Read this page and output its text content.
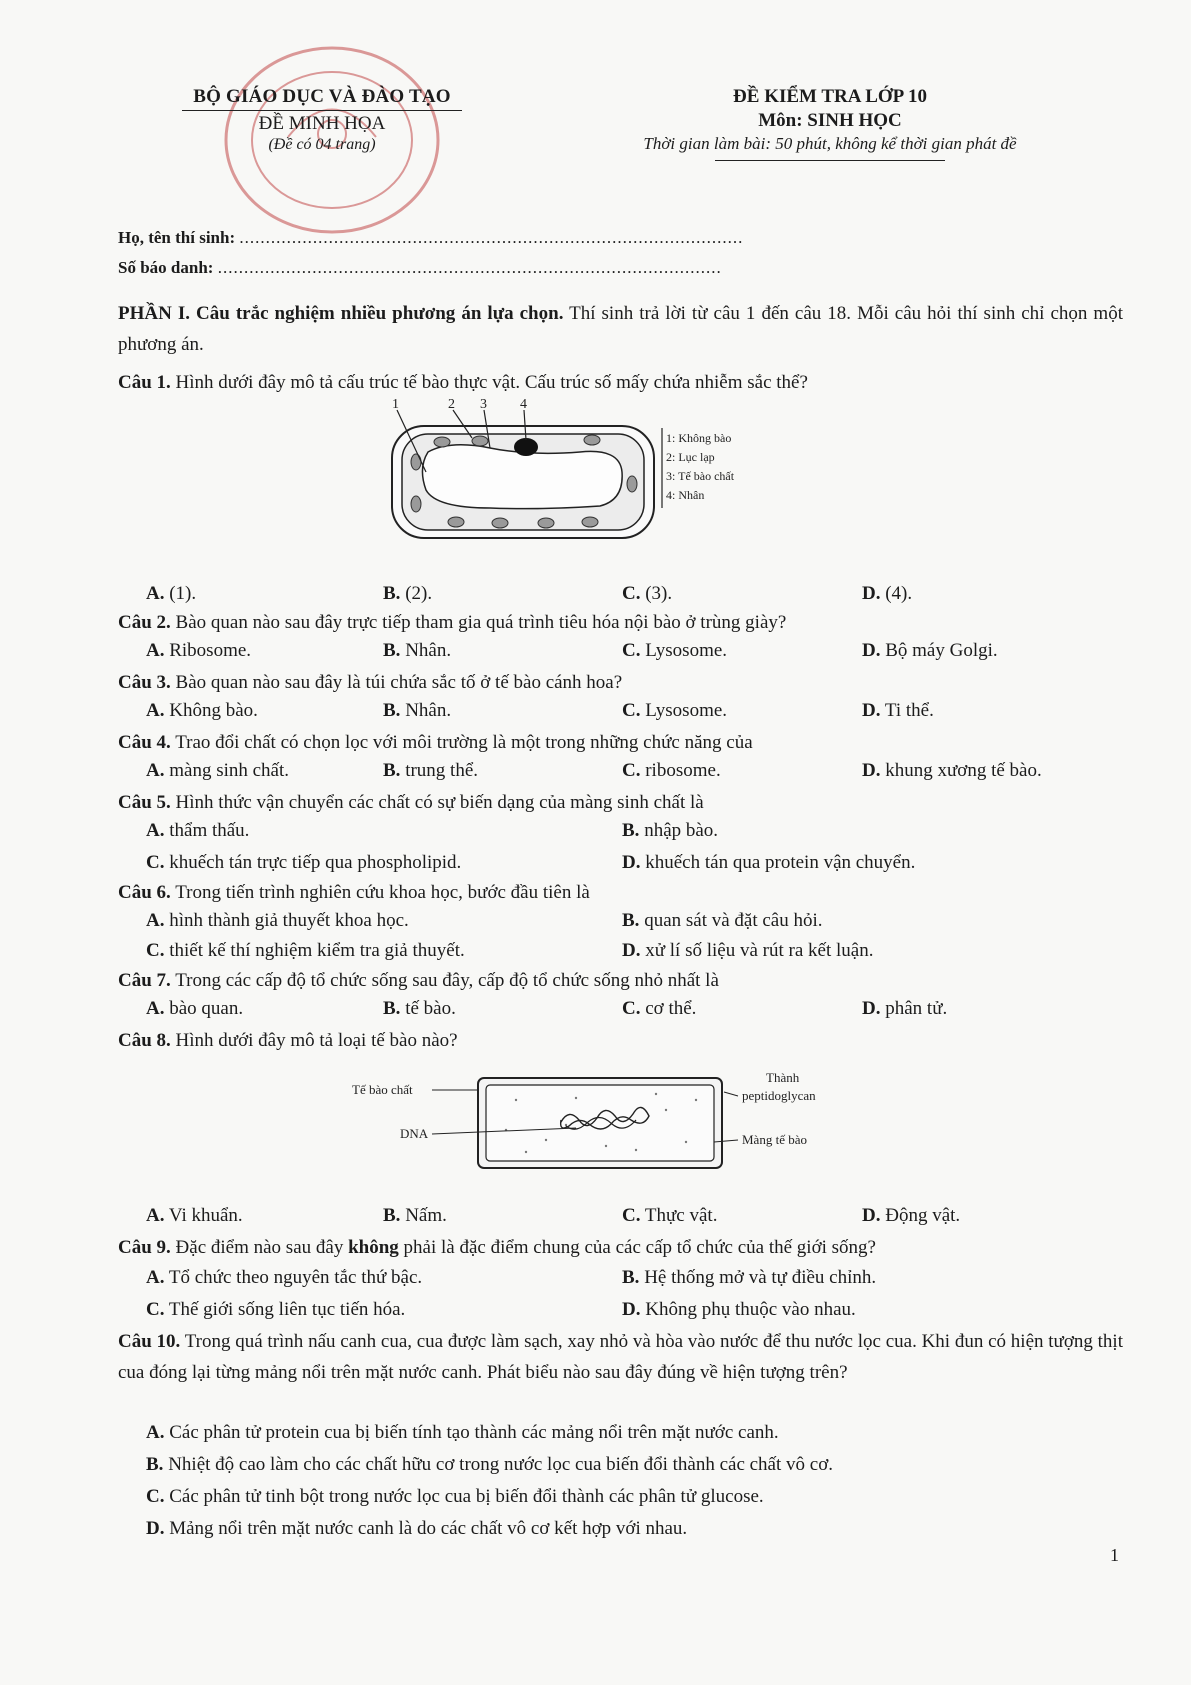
BỘ GIÁO DỤC VÀ ĐÀO TẠO
ĐỀ MINH HỌA
(Đề có 04 trang)
ĐỀ KIỂM TRA LỚP 10
Môn: SINH HỌC
Thời gian làm bài: 50 phút, không kể thời gian phát đề
Họ, tên thí sinh: ................................................................................................
Số báo danh: ................................................................................................
PHẦN I. Câu trắc nghiệm nhiều phương án lựa chọn. Thí sinh trả lời từ câu 1 đến câu 18. Mỗi câu hỏi thí sinh chỉ chọn một phương án.
Câu 1. Hình dưới đây mô tả cấu trúc tế bào thực vật. Cấu trúc số mấy chứa nhiễm sắc thể?
1	2 3 4
1: Không bào
2: Lục lạp
3: Tế bào chất
4: Nhân
A. (1).	B. (2).	C. (3).	D. (4).
Câu 2. Bào quan nào sau đây trực tiếp tham gia quá trình tiêu hóa nội bào ở trùng giày?
A. Ribosome.	B. Nhân.	C. Lysosome.	D. Bộ máy Golgi.
Câu 3. Bào quan nào sau đây là túi chứa sắc tố ở tế bào cánh hoa?
A. Không bào.	B. Nhân.	C. Lysosome.	D. Ti thể.
Câu 4. Trao đổi chất có chọn lọc với môi trường là một trong những chức năng của
A. màng sinh chất.	B. trung thể.	C. ribosome.	D. khung xương tế bào.
Câu 5. Hình thức vận chuyển các chất có sự biến dạng của màng sinh chất là
A. thẩm thấu.	B. nhập bào.
C. khuếch tán trực tiếp qua phospholipid.	D. khuếch tán qua protein vận chuyển.
Câu 6. Trong tiến trình nghiên cứu khoa học, bước đầu tiên là
A. hình thành giả thuyết khoa học.	B. quan sát và đặt câu hỏi.
C. thiết kế thí nghiệm kiểm tra giả thuyết.	D. xử lí số liệu và rút ra kết luận.
Câu 7. Trong các cấp độ tổ chức sống sau đây, cấp độ tổ chức sống nhỏ nhất là
A. bào quan.	B. tế bào.	C. cơ thể.	D. phân tử.
Câu 8. Hình dưới đây mô tả loại tế bào nào?
Tế bào chất
DNA
Thành
peptidoglycan
Màng tế bào
A. Vi khuẩn.	B. Nấm.	C. Thực vật.	D. Động vật.
Câu 9. Đặc điểm nào sau đây không phải là đặc điểm chung của các cấp tổ chức của thế giới sống?
A. Tổ chức theo nguyên tắc thứ bậc.	B. Hệ thống mở và tự điều chỉnh.
C. Thế giới sống liên tục tiến hóa.	D. Không phụ thuộc vào nhau.
Câu 10. Trong quá trình nấu canh cua, cua được làm sạch, xay nhỏ và hòa vào nước để thu nước lọc cua. Khi đun có hiện tượng thịt cua đóng lại từng mảng nổi trên mặt nước canh. Phát biểu nào sau đây đúng về hiện tượng trên?
A. Các phân tử protein cua bị biến tính tạo thành các mảng nổi trên mặt nước canh.
B. Nhiệt độ cao làm cho các chất hữu cơ trong nước lọc cua biến đổi thành các chất vô cơ.
C. Các phân tử tinh bột trong nước lọc cua bị biến đổi thành các phân tử glucose.
D. Mảng nổi trên mặt nước canh là do các chất vô cơ kết hợp với nhau.
1
